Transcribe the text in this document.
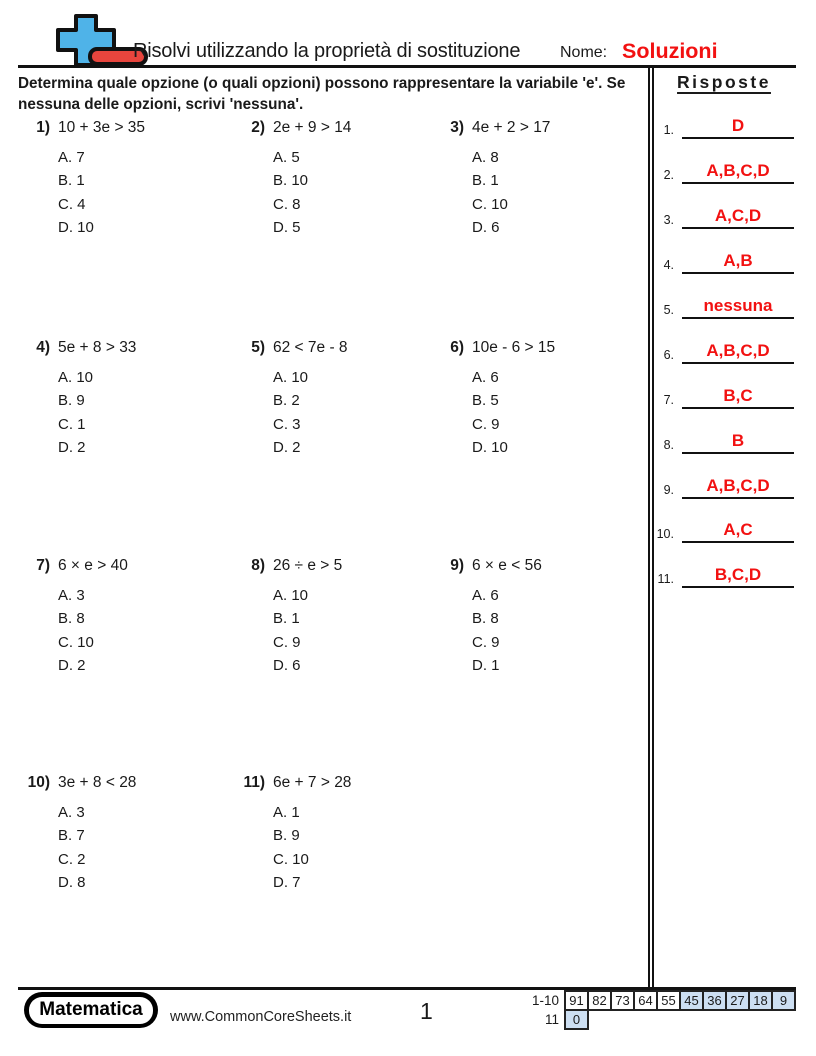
Risolvi utilizzando la proprietà di sostituzione Nome: Soluzioni
Determina quale opzione (o quali opzioni) possono rappresentare la variabile 'e'. Se nessuna delle opzioni, scrivi 'nessuna'.
1) 10 + 3e > 35
A. 7
B. 1
C. 4
D. 10
2) 2e + 9 > 14
A. 5
B. 10
C. 8
D. 5
3) 4e + 2 > 17
A. 8
B. 1
C. 10
D. 6
4) 5e + 8 > 33
A. 10
B. 9
C. 1
D. 2
5) 62 < 7e - 8
A. 10
B. 2
C. 3
D. 2
6) 10e - 6 > 15
A. 6
B. 5
C. 9
D. 10
7) 6 × e > 40
A. 3
B. 8
C. 10
D. 2
8) 26 ÷ e > 5
A. 10
B. 1
C. 9
D. 6
9) 6 × e < 56
A. 6
B. 8
C. 9
D. 1
10) 3e + 8 < 28
A. 3
B. 7
C. 2
D. 8
11) 6e + 7 > 28
A. 1
B. 9
C. 10
D. 7
Risposte
1.	D
2.	A,B,C,D
3.	A,C,D
4.	A,B
5.	nessuna
6.	A,B,C,D
7.	B,C
8.	B
9.	A,B,C,D
10.	A,C
11.	B,C,D
Matematica	www.CommonCoreSheets.it	1	1-10 91 82 73 64 55 45 36 27 18 9
11	0
